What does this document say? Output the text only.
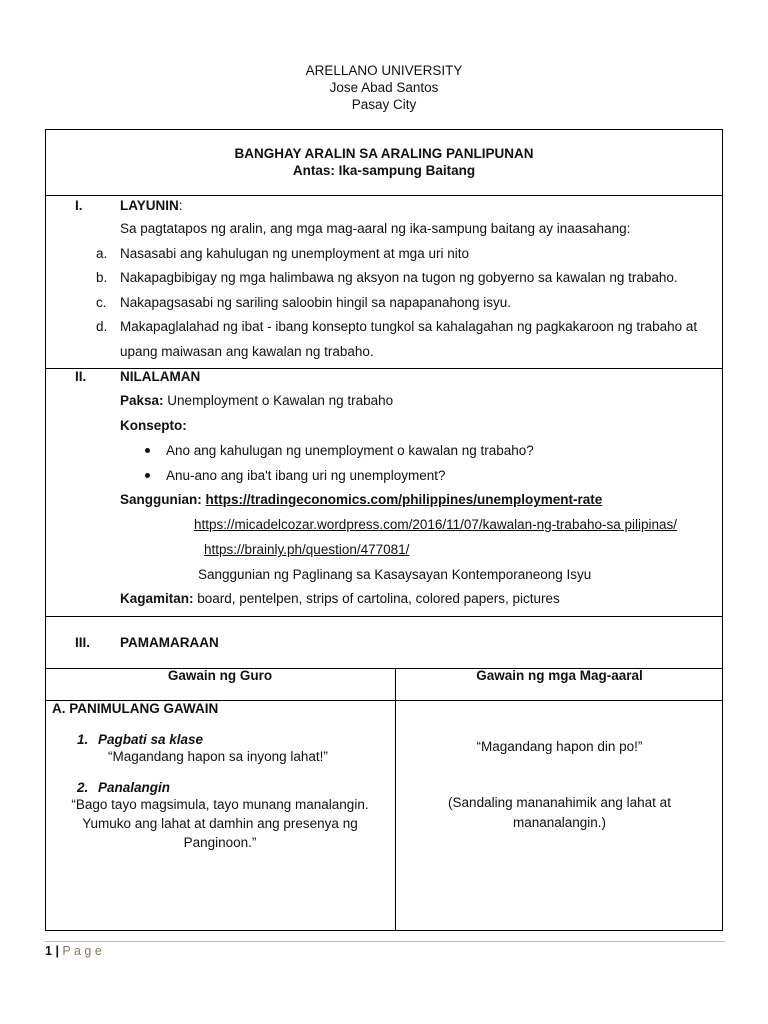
ARELLANO UNIVERSITY
Jose Abad Santos
Pasay City
BANGHAY ARALIN SA ARALING PANLIPUNAN
Antas: Ika-sampung Baitang
I.	LAYUNIN:
Sa pagtatapos ng aralin, ang mga mag-aaral ng ika-sampung baitang ay inaasahang:
a. Nasasabi ang kahulugan ng unemployment at mga uri nito
b. Nakapagbibigay ng mga halimbawa ng aksyon na tugon ng gobyerno sa kawalan ng trabaho.
c. Nakapagsasabi ng sariling saloobin hingil sa napapanahong isyu.
d. Makapaglalahad ng ibat - ibang konsepto tungkol sa kahalagahan ng pagkakaroon ng trabaho at
upang maiwasan ang kawalan ng trabaho.
II. NILALAMAN
Paksa: Unemployment o Kawalan ng trabaho
Konsepto:
Ano ang kahulugan ng unemployment o kawalan ng trabaho?
Anu-ano ang iba't ibang uri ng unemployment?
Sanggunian: https://tradingeconomics.com/philippines/unemployment-rate
https://micadelcozar.wordpress.com/2016/11/07/kawalan-ng-trabaho-sa pilipinas/
https://brainly.ph/question/477081/
Sanggunian ng Paglinang sa Kasaysayan Kontemporaneong Isyu
Kagamitan: board, pentelpen, strips of cartolina, colored papers, pictures
III. PAMAMARAAN
Gawain ng Guro	Gawain ng mga Mag-aaral
A. PANIMULANG GAWAIN
1. Pagbati sa klase
“Magandang hapon sa inyong lahat!”
“Magandang hapon din po!”
2. Panalangin
“Bago tayo magsimula, tayo munang manalangin.
Yumuko ang lahat at damhin ang presenya ng
Panginoon.”
(Sandaling mananahimik ang lahat at
mananalangin.)
1 | P a g e
